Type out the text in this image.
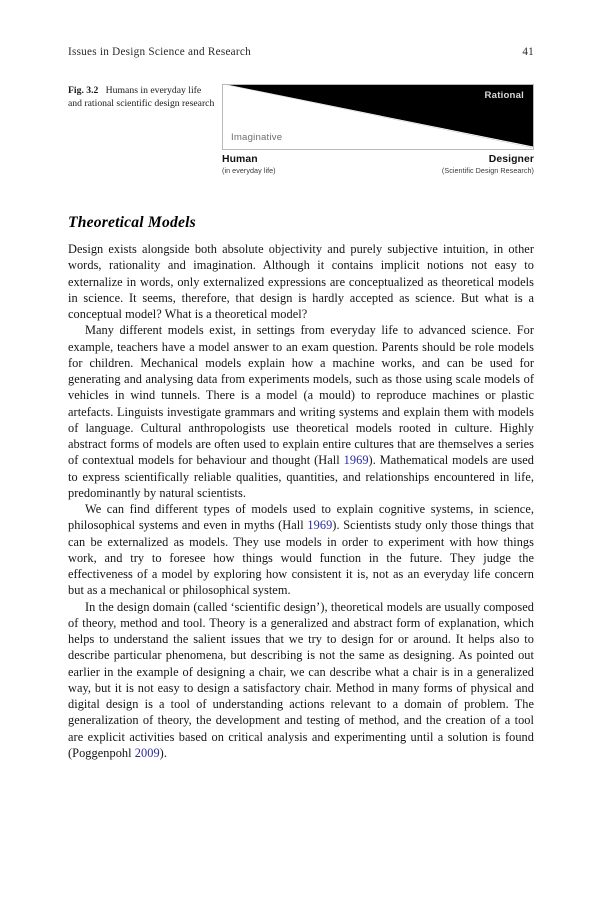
Issues in Design Science and Research	41
Fig. 3.2   Humans in everyday life and rational scientific design research
Rational
Imaginative
Human
(in everyday life)
Designer
(Scientific Design Research)
Theoretical Models

Design exists alongside both absolute objectivity and purely subjective intuition, in other words, rationality and imagination. Although it contains implicit notions not easy to externalize in words, only externalized expressions are conceptualized as theoretical models in science. It seems, therefore, that design is hardly accepted as science. But what is a conceptual model? What is a theoretical model?

Many different models exist, in settings from everyday life to advanced science. For example, teachers have a model answer to an exam question. Parents should be role models for children. Mechanical models explain how a machine works, and can be used for generating and analysing data from experiments models, such as those using scale models of vehicles in wind tunnels. There is a model (a mould) to reproduce machines or plastic artefacts. Linguists investigate grammars and writing systems and explain them with models of language. Cultural anthropologists use theoretical models rooted in culture. Highly abstract forms of models are often used to explain entire cultures that are themselves a series of contextual models for behaviour and thought (Hall 1969). Mathematical models are used to express scientifically reliable qualities, quantities, and relationships encountered in life, predominantly by natural scientists.

We can find different types of models used to explain cognitive systems, in science, philosophical systems and even in myths (Hall 1969). Scientists study only those things that can be externalized as models. They use models in order to experiment with how things work, and try to foresee how things would function in the future. They judge the effectiveness of a model by exploring how consistent it is, not as an everyday life concern but as a mechanical or philosophical system.

In the design domain (called ‘scientific design’), theoretical models are usually composed of theory, method and tool. Theory is a generalized and abstract form of explanation, which helps to understand the salient issues that we try to design for or around. It helps also to describe particular phenomena, but describing is not the same as designing. As pointed out earlier in the example of designing a chair, we can describe what a chair is in a generalized way, but it is not easy to design a satisfactory chair. Method in many forms of physical and digital design is a tool of understanding actions relevant to a domain of problem. The generalization of theory, the development and testing of method, and the creation of a tool are explicit activities based on critical analysis and experimenting until a solution is found (Poggenpohl 2009).
